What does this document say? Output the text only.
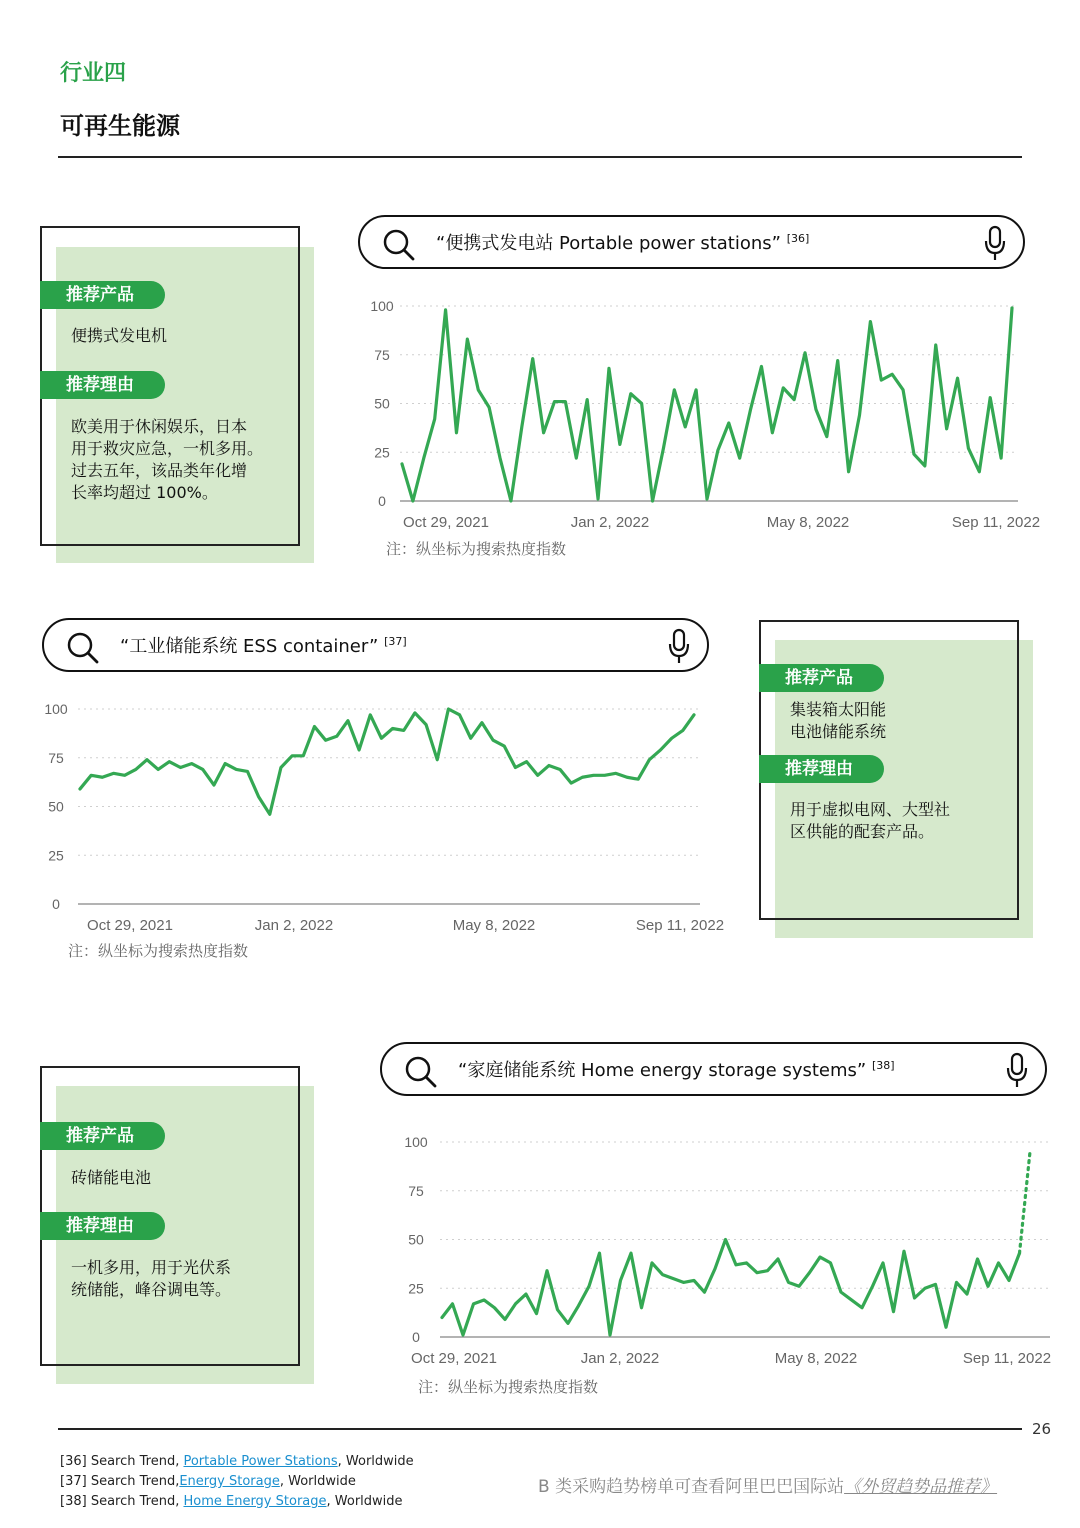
行业四
可再生能源
推荐产品
便携式发电机
推荐理由
欧美用于休闲娱乐，日本
用于救灾应急，一机多用。
过去五年，该品类年化增
长率均超过 100%。
“便携式发电站 Portable power stations” [36]
0
25
50
75
100
Oct 29, 2021	Jan 2, 2022	May 8, 2022	Sep 11, 2022
注：纵坐标为搜索热度指数
“工业储能系统 ESS container” [37]
0
25
50
75
100
Oct 29, 2021	Jan 2, 2022	May 8, 2022	Sep 11, 2022
注：纵坐标为搜索热度指数
推荐产品
集装箱太阳能
电池储能系统
推荐理由
用于虚拟电网、大型社
区供能的配套产品。
推荐产品
砖储能电池
推荐理由
一机多用，用于光伏系
统储能，峰谷调电等。
“家庭储能系统 Home energy storage systems” [38]
0
25
50
75
100
Oct 29, 2021	Jan 2, 2022	May 8, 2022	Sep 11, 2022
注：纵坐标为搜索热度指数
26
[36] Search Trend, Portable Power Stations, Worldwide
[37] Search Trend,Energy Storage, Worldwide
[38] Search Trend, Home Energy Storage, Worldwide
B 类采购趋势榜单可查看阿里巴巴国际站《外贸趋势品推荐》
